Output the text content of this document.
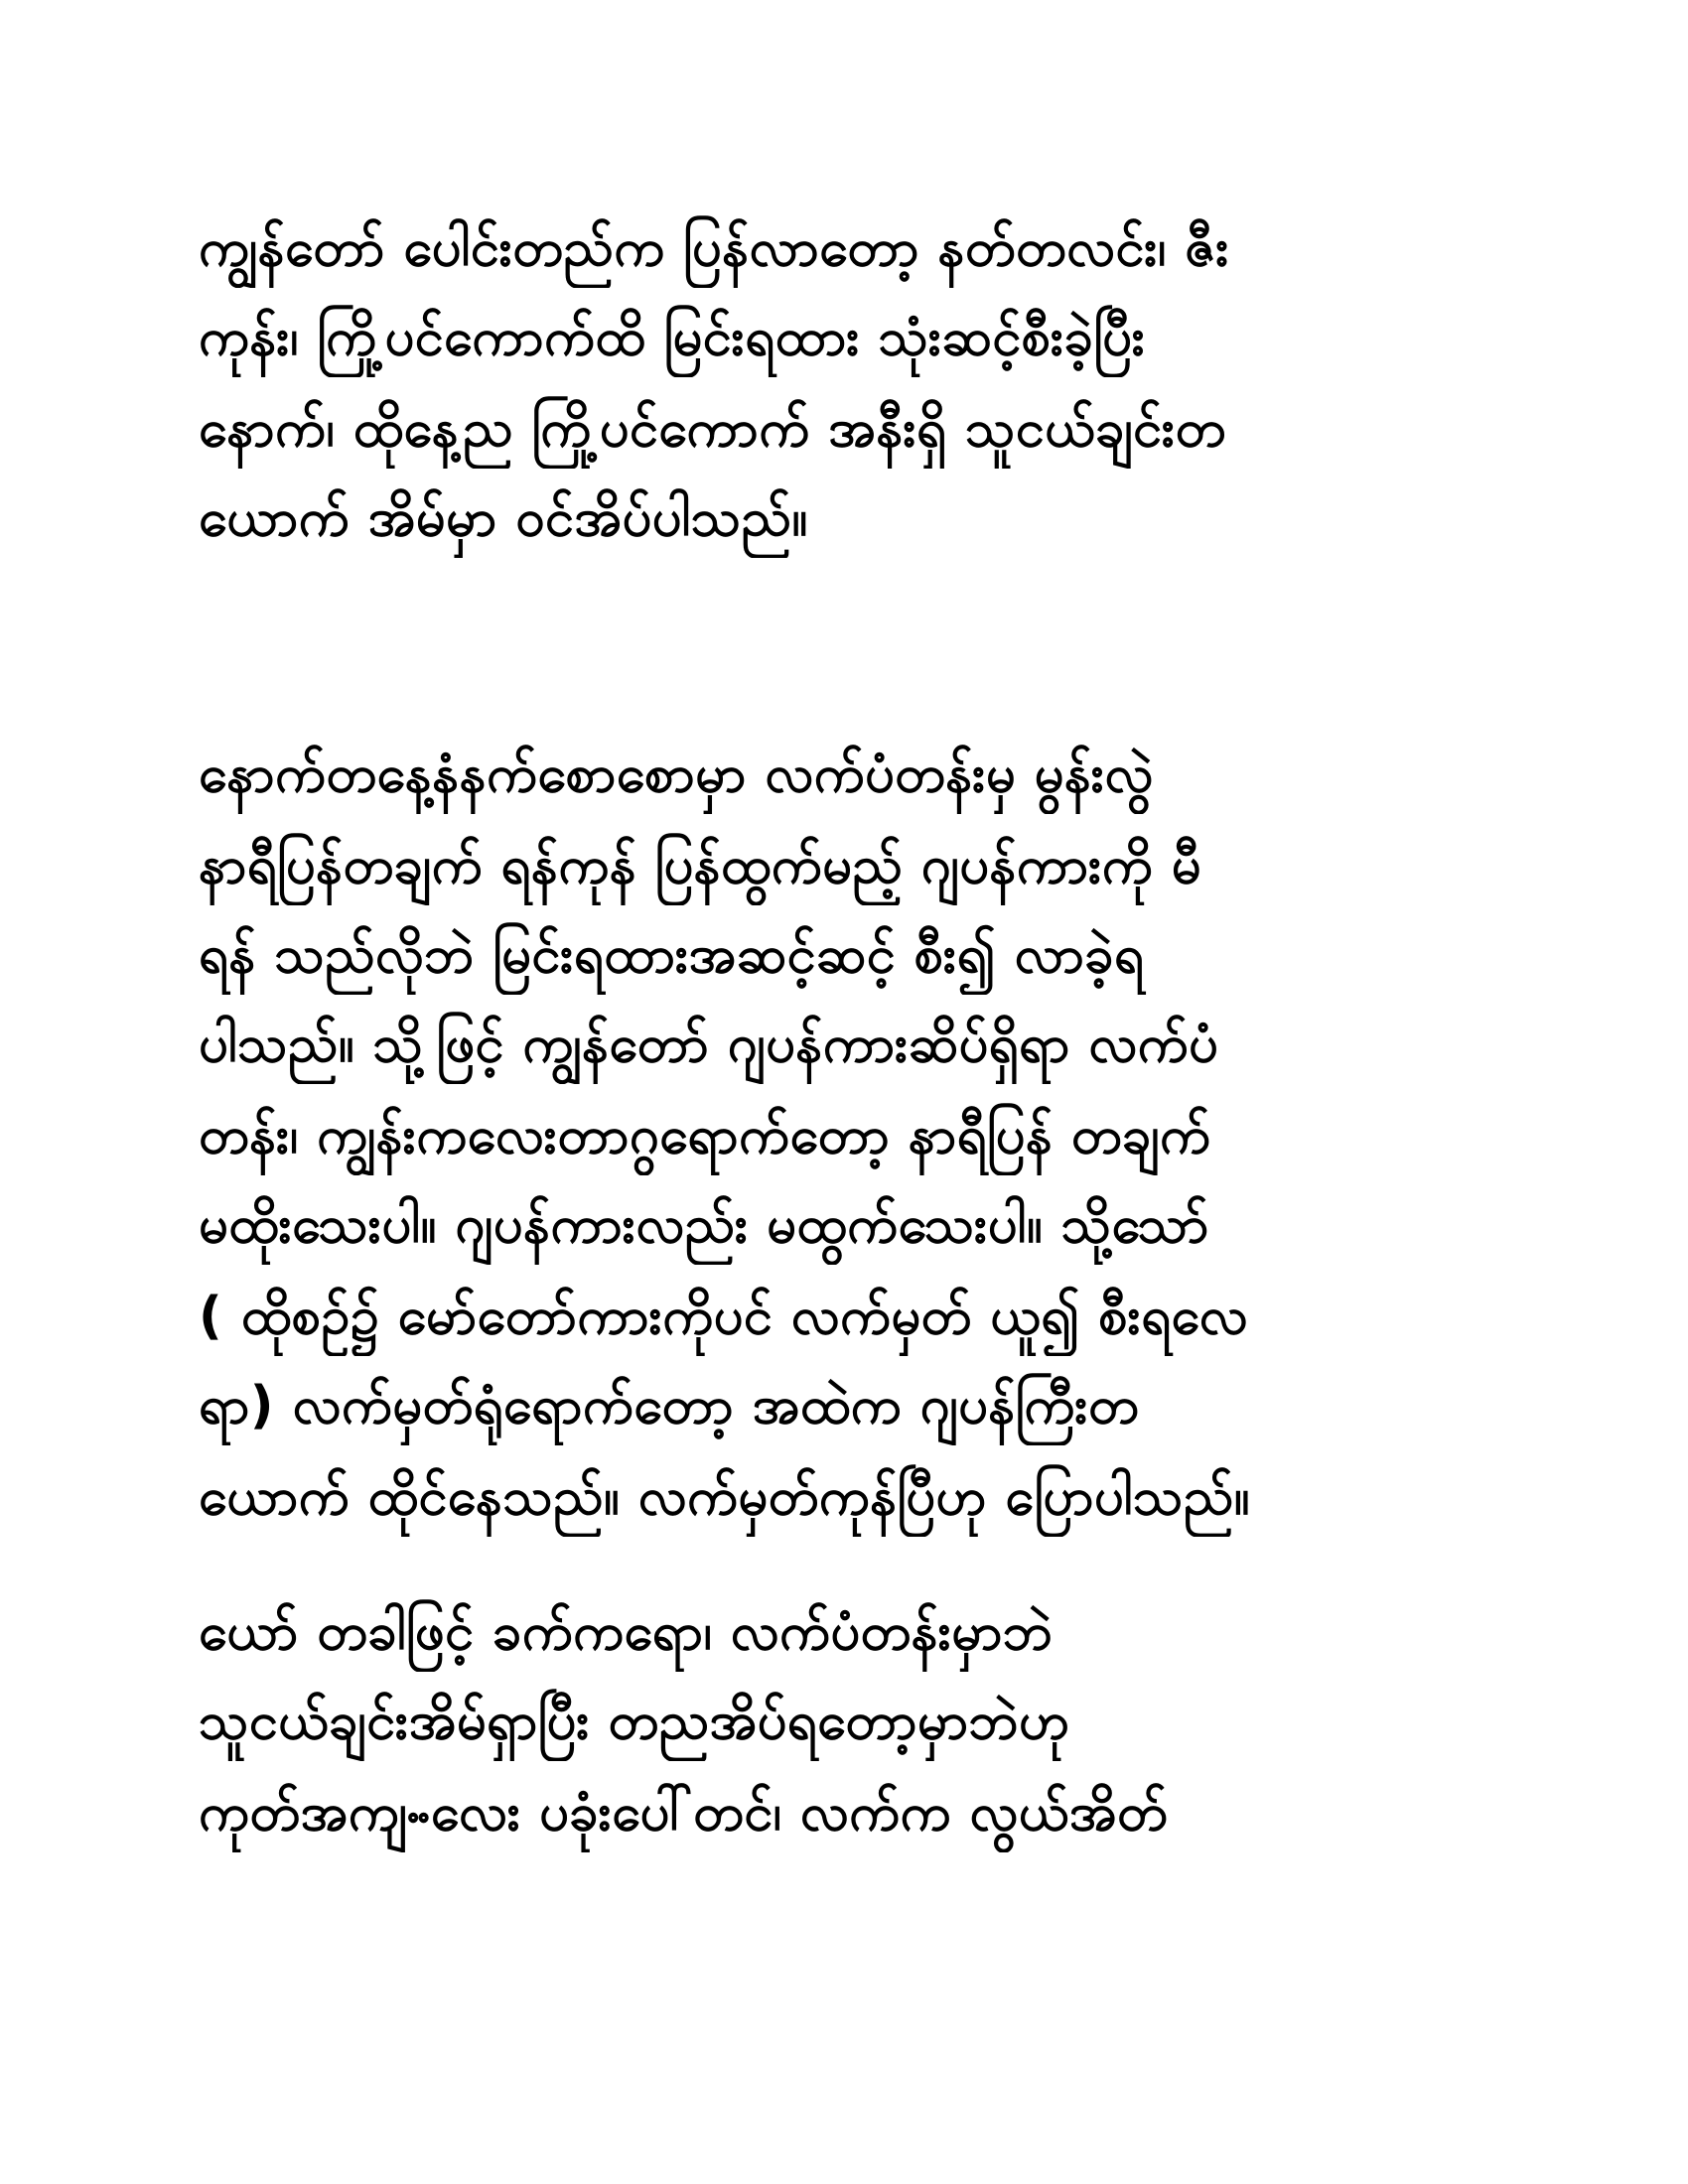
ကျွန်တော် ပေါင်းတည်က ပြန်လာတော့ နတ်တလင်း၊ ဇီး
ကုန်း၊ ကြို့ပင်ကောက်ထိ မြင်းရထား သုံးဆင့်စီးခဲ့ပြီး
နောက်၊ ထိုနေ့ည ကြို့ပင်ကောက် အနီးရှိ သူငယ်ချင်းတ
ယောက် အိမ်မှာ ဝင်အိပ်ပါသည်။
နောက်တနေ့နံနက်စောစောမှာ လက်ပံတန်းမှ မွန်းလွဲ
နာရီပြန်တချက် ရန်ကုန် ပြန်ထွက်မည့် ဂျပန်ကားကို မီ
ရန် သည်လိုဘဲ မြင်းရထားအဆင့်ဆင့် စီး၍ လာခဲ့ရ
ပါသည်။ သို့ဖြင့် ကျွန်တော် ဂျပန်ကားဆိပ်ရှိရာ လက်ပံ
တန်း၊ ကျွန်းကလေးတာဂွရောက်တော့ နာရီပြန် တချက်
မထိုးသေးပါ။ ဂျပန်ကားလည်း မထွက်သေးပါ။ သို့သော်
( ထိုစဉ်၌ မော်တော်ကားကိုပင် လက်မှတ် ယူ၍ စီးရလေ
ရာ) လက်မှတ်ရုံရောက်တော့ အထဲက ဂျပန်ကြီးတ
ယောက် ထိုင်နေသည်။ လက်မှတ်ကုန်ပြီဟု ပြောပါသည်။
ယော် တခါဖြင့် ခက်ကရော၊ လက်ပံတန်းမှာဘဲ
သူငယ်ချင်းအိမ်ရှာပြီး တညအိပ်ရတော့မှာဘဲဟု
ကုတ်အကျႌလေး ပခုံးပေါ်တင်၊ လက်က လွယ်အိတ်
